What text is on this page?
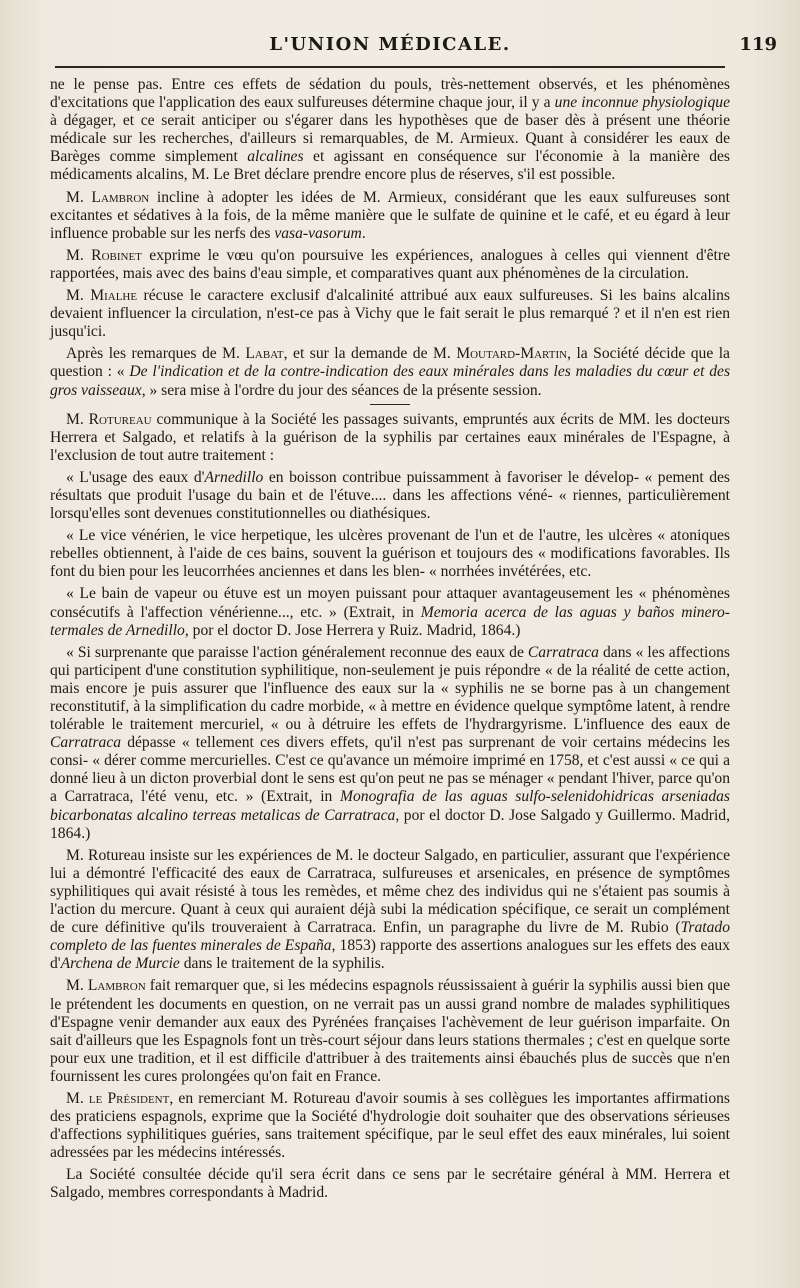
L'UNION MÉDICALE.	119

ne le pense pas. Entre ces effets de sédation du pouls, très-nettement observés, et les phénomènes d'excitations que l'application des eaux sulfureuses détermine chaque jour, il y a une inconnue physiologique à dégager, et ce serait anticiper ou s'égarer dans les hypothèses que de baser dès à présent une théorie médicale sur les recherches, d'ailleurs si remarquables, de M. Armieux. Quant à considérer les eaux de Barèges comme simplement alcalines et agissant en conséquence sur l'économie à la manière des médicaments alcalins, M. Le Bret déclare prendre encore plus de réserves, s'il est possible.

M. Lambron incline à adopter les idées de M. Armieux, considérant que les eaux sulfureuses sont excitantes et sédatives à la fois, de la même manière que le sulfate de quinine et le café, et eu égard à leur influence probable sur les nerfs des vasa-vasorum.

M. Robinet exprime le vœu qu'on poursuive les expériences, analogues à celles qui viennent d'être rapportées, mais avec des bains d'eau simple, et comparatives quant aux phénomènes de la circulation.

M. Mialhe récuse le caractere exclusif d'alcalinité attribué aux eaux sulfureuses. Si les bains alcalins devaient influencer la circulation, n'est-ce pas à Vichy que le fait serait le plus remarqué ? et il n'en est rien jusqu'ici.

Après les remarques de M. Labat, et sur la demande de M. Moutard-Martin, la Société décide que la question : « De l'indication et de la contre-indication des eaux minérales dans les maladies du cœur et des gros vaisseaux, » sera mise à l'ordre du jour des séances de la présente session.

M. Rotureau communique à la Société les passages suivants, empruntés aux écrits de MM. les docteurs Herrera et Salgado, et relatifs à la guérison de la syphilis par certaines eaux minérales de l'Espagne, à l'exclusion de tout autre traitement :

« L'usage des eaux d'Arnedillo en boisson contribue puissamment à favoriser le dévelop- « pement des résultats que produit l'usage du bain et de l'étuve.... dans les affections véné- « riennes, particulièrement lorsqu'elles sont devenues constitutionnelles ou diathésiques.

« Le vice vénérien, le vice herpetique, les ulcères provenant de l'un et de l'autre, les ulcères « atoniques rebelles obtiennent, à l'aide de ces bains, souvent la guérison et toujours des « modifications favorables. Ils font du bien pour les leucorrhées anciennes et dans les blen- « norrhées invétérées, etc.

« Le bain de vapeur ou étuve est un moyen puissant pour attaquer avantageusement les « phénomènes consécutifs à l'affection vénérienne..., etc. » (Extrait, in Memoria acerca de las aguas y baños minero-termales de Arnedillo, por el doctor D. Jose Herrera y Ruiz. Madrid, 1864.)

« Si surprenante que paraisse l'action généralement reconnue des eaux de Carratraca dans « les affections qui participent d'une constitution syphilitique, non-seulement je puis répondre « de la réalité de cette action, mais encore je puis assurer que l'influence des eaux sur la « syphilis ne se borne pas à un changement reconstitutif, à la simplification du cadre morbide, « à mettre en évidence quelque symptôme latent, à rendre tolérable le traitement mercuriel, « ou à détruire les effets de l'hydrargyrisme. L'influence des eaux de Carratraca dépasse « tellement ces divers effets, qu'il n'est pas surprenant de voir certains médecins les consi- « dérer comme mercurielles. C'est ce qu'avance un mémoire imprimé en 1758, et c'est aussi « ce qui a donné lieu à un dicton proverbial dont le sens est qu'on peut ne pas se ménager « pendant l'hiver, parce qu'on a Carratraca, l'été venu, etc. » (Extrait, in Monografia de las aguas sulfo-selenidohidricas arseniadas bicarbonatas alcalino terreas metalicas de Carratraca, por el doctor D. Jose Salgado y Guillermo. Madrid, 1864.)

M. Rotureau insiste sur les expériences de M. le docteur Salgado, en particulier, assurant que l'expérience lui a démontré l'efficacité des eaux de Carratraca, sulfureuses et arsenicales, en présence de symptômes syphilitiques qui avait résisté à tous les remèdes, et même chez des individus qui ne s'étaient pas soumis à l'action du mercure. Quant à ceux qui auraient déjà subi la médication spécifique, ce serait un complément de cure définitive qu'ils trouveraient à Carratraca. Enfin, un paragraphe du livre de M. Rubio (Tratado completo de las fuentes minerales de España, 1853) rapporte des assertions analogues sur les effets des eaux d'Archena de Murcie dans le traitement de la syphilis.

M. Lambron fait remarquer que, si les médecins espagnols réussissaient à guérir la syphilis aussi bien que le prétendent les documents en question, on ne verrait pas un aussi grand nombre de malades syphilitiques d'Espagne venir demander aux eaux des Pyrénées françaises l'achèvement de leur guérison imparfaite. On sait d'ailleurs que les Espagnols font un très-court séjour dans leurs stations thermales ; c'est en quelque sorte pour eux une tradition, et il est difficile d'attribuer à des traitements ainsi ébauchés plus de succès que n'en fournissent les cures prolongées qu'on fait en France.

M. le Président, en remerciant M. Rotureau d'avoir soumis à ses collègues les importantes affirmations des praticiens espagnols, exprime que la Société d'hydrologie doit souhaiter que des observations sérieuses d'affections syphilitiques guéries, sans traitement spécifique, par le seul effet des eaux minérales, lui soient adressées par les médecins intéressés.

La Société consultée décide qu'il sera écrit dans ce sens par le secrétaire général à MM. Herrera et Salgado, membres correspondants à Madrid.
